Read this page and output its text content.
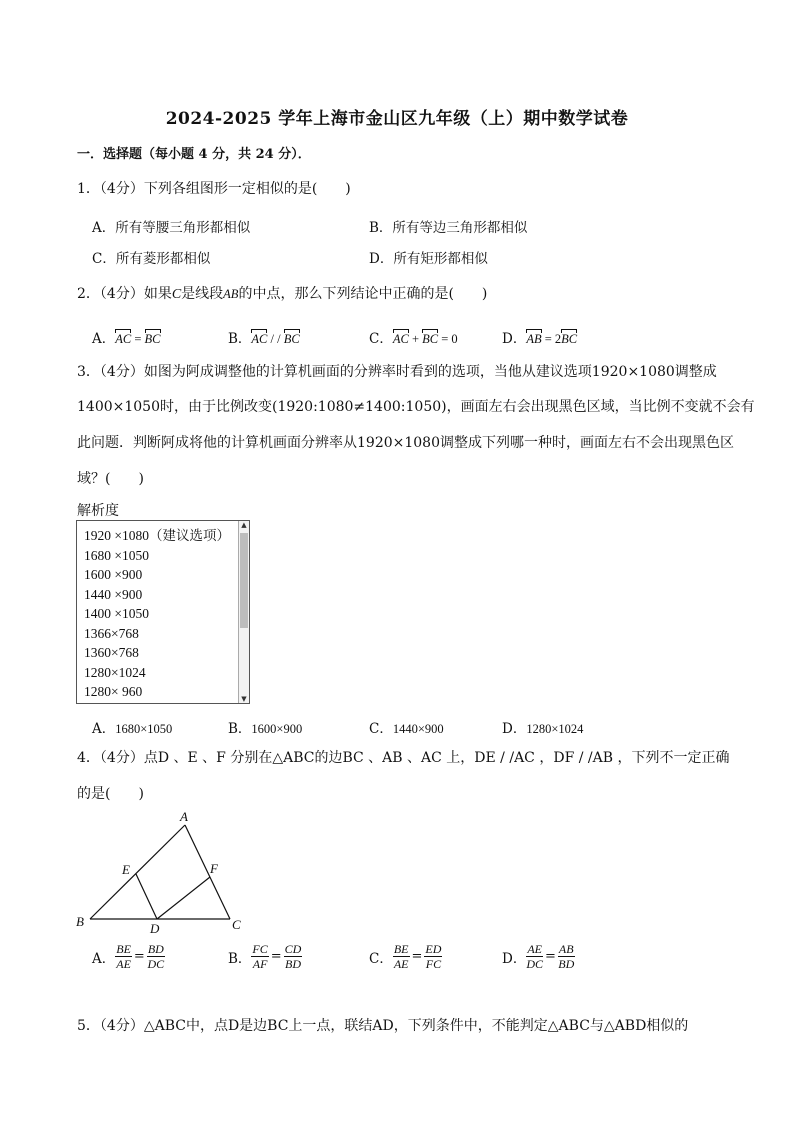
2024-2025 学年上海市金山区九年级（上）期中数学试卷
一．选择题（每小题 4 分，共 24 分）．
1．（4分）下列各组图形一定相似的是(　　)
A．所有等腰三角形都相似	B．所有等边三角形都相似
C．所有菱形都相似	D．所有矩形都相似
2．（4分）如果C是线段AB的中点，那么下列结论中正确的是(　　)
A．AC = BC	B．AC / / BC	C．AC + BC = 0	D．AB = 2BC
3．（4分）如图为阿成调整他的计算机画面的分辨率时看到的选项，当他从建议选项1920×1080调整成
1400×1050时，由于比例改变(1920:1080≠1400:1050)，画面左右会出现黑色区域，当比例不变就不会有
此问题．判断阿成将他的计算机画面分辨率从1920×1080调整成下列哪一种时，画面左右不会出现黑色区
域？(　　)
解析度
1920 ×1080（建议选项）
1680 ×1050
1600 ×900
1440 ×900
1400 ×1050
1366×768
1360×768
1280×1024
1280× 960
▲
▼
A．1680×1050	B．1600×900	C．1440×900	D．1280×1024
4．（4分）点D 、E 、F 分别在△ABC的边BC 、AB 、AC 上，DE / /AC ，DF / /AB ，下列不一定正确
的是(　　)
A
B	C
D
E	F
A． $\frac{BE}{AE} = \frac{BD}{DC}$	B． $\frac{FC}{AF} = \frac{CD}{BD}$	C． $\frac{BE}{AE} = \frac{ED}{FC}$	D． $\frac{AE}{DC} = \frac{AB}{BD}$
5．（4分）△ABC中，点D是边BC上一点，联结AD，下列条件中，不能判定△ABC与△ABD相似的
